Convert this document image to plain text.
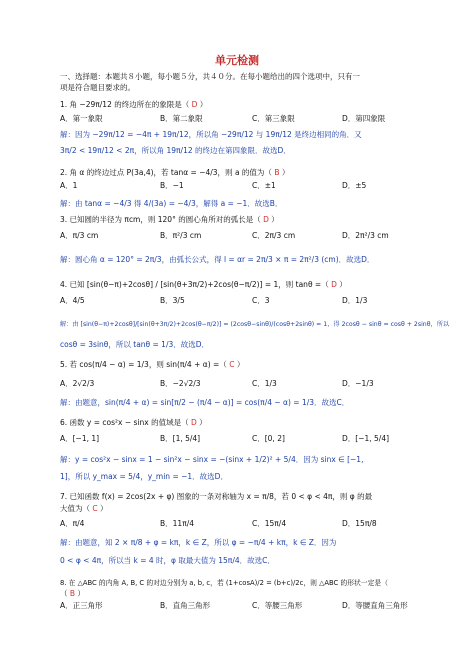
单元检测
一、选择题：本题共８小题，每小题５分，共４０分。在每小题给出的四个选项中，只有一
项是符合题目要求的。
1. 角 −29π/12 的终边所在的象限是（ D ）
A．第一象限	B．第二象限	C．第三象限	D．第四象限
解：因为 −29π/12 = −4π + 19π/12，所以角 −29π/12 与 19π/12 是终边相同的角．又
3π/2 < 19π/12 < 2π，所以角 19π/12 的终边在第四象限．故选D．
2. 角 α 的终边过点 P(3a,4)，若 tanα = −4/3，则 a 的值为（ B ）
A．1	B．−1	C．±1	D．±5
解：由 tanα = −4/3 得 4/(3a) = −4/3，解得 a = −1．故选B．
3. 已知圆的半径为 πcm，则 120° 的圆心角所对的弧长是（ D ）
A．π/3 cm	B．π²/3 cm	C．2π/3 cm	D．2π²/3 cm
解：圆心角 α = 120° = 2π/3，由弧长公式，得 l = αr = 2π/3 × π = 2π²/3 (cm)．故选D．
4. 已知 [sin(θ−π)+2cosθ] / [sin(θ+3π/2)+2cos(θ−π/2)] = 1，则 tanθ =（ D ）
A．4/5	B．3/5	C．3	D．1/3
解：由 [sin(θ−π)+2cosθ]/[sin(θ+3π/2)+2cos(θ−π/2)] = (2cosθ−sinθ)/(cosθ+2sinθ) = 1，得 2cosθ − sinθ = cosθ + 2sinθ，所以
cosθ = 3sinθ，所以 tanθ = 1/3．故选D．
5. 若 cos(π/4 − α) = 1/3，则 sin(π/4 + α) =（ C ）
A．2√2/3	B．−2√2/3	C．1/3	D．−1/3
解：由题意，sin(π/4 + α) = sin[π/2 − (π/4 − α)] = cos(π/4 − α) = 1/3．故选C．
6. 函数 y = cos²x − sinx 的值域是（ D ）
A．[−1, 1]	B．[1, 5/4]	C．[0, 2]	D．[−1, 5/4]
解：y = cos²x − sinx = 1 − sin²x − sinx = −(sinx + 1/2)² + 5/4．因为 sinx ∈ [−1,
1]，所以 y_max = 5/4，y_min = −1．故选D．
7. 已知函数 f(x) = 2cos(2x + φ) 图象的一条对称轴为 x = π/8，若 0 < φ < 4π，则 φ 的最
大值为（ C ）
A．π/4	B．11π/4	C．15π/4	D．15π/8
解：由题意，知 2 × π/8 + φ = kπ，k ∈ Z，所以 φ = −π/4 + kπ，k ∈ Z．因为
0 < φ < 4π，所以当 k = 4 时，φ 取最大值为 15π/4．故选C．
8. 在 △ABC 的内角 A, B, C 的对边分别为 a, b, c，若 (1+cosA)/2 = (b+c)/2c，则 △ABC 的形状一定是（
（ B ）
A．正三角形	B．直角三角形	C．等腰三角形	D．等腰直角三角形
